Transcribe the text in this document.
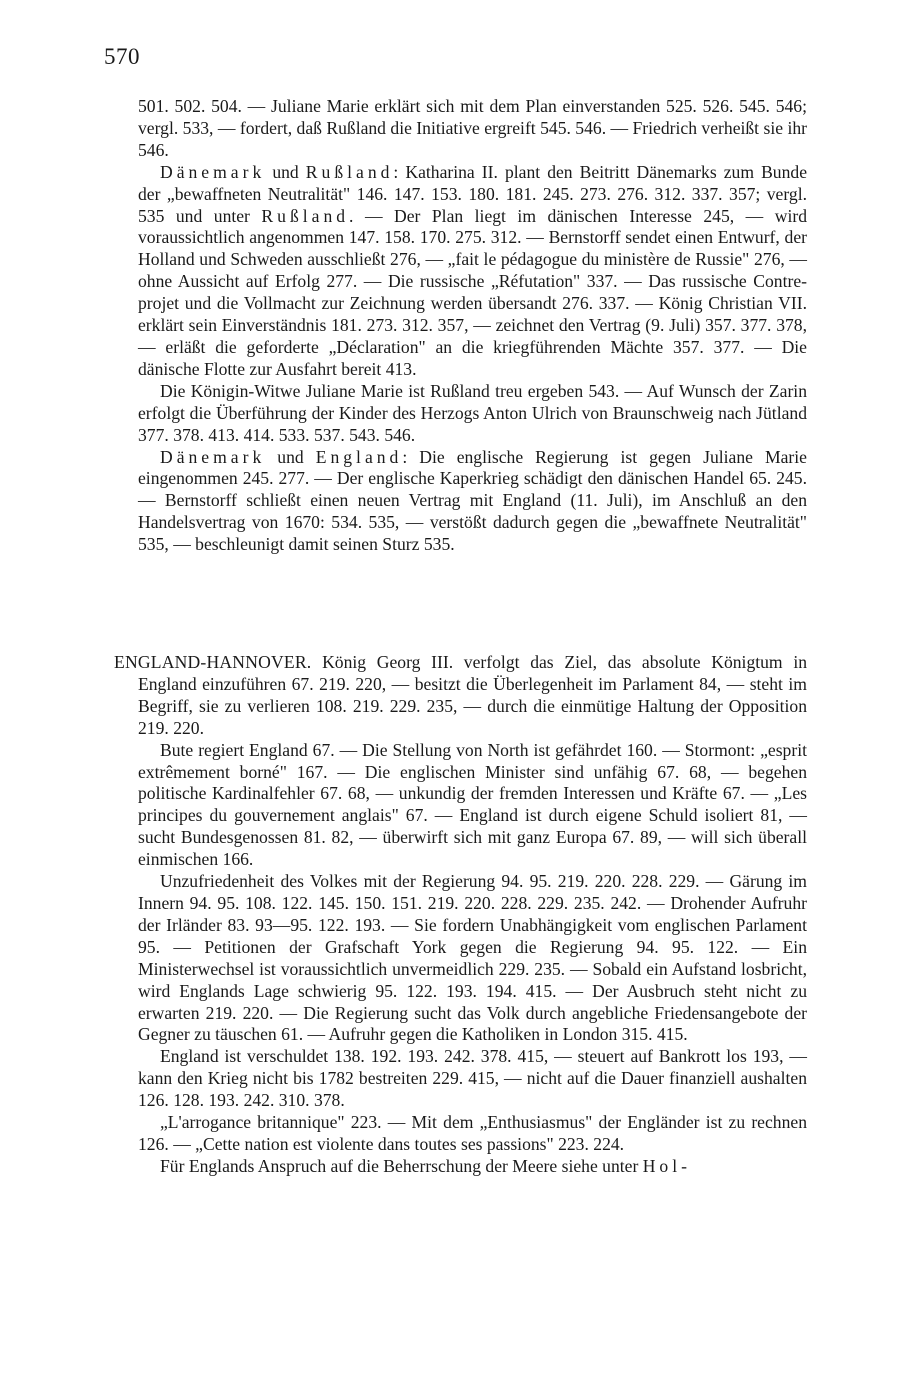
570

501. 502. 504. — Juliane Marie erklärt sich mit dem Plan einverstanden 525. 526. 545. 546; vergl. 533, — fordert, daß Rußland die Initiative ergreift 545. 546. — Friedrich verheißt sie ihr 546.

Dänemark und Rußland: Katharina II. plant den Beitritt Dänemarks zum Bunde der „bewaffneten Neutralität" 146. 147. 153. 180. 181. 245. 273. 276. 312. 337. 357; vergl. 535 und unter Rußland. — Der Plan liegt im dänischen Interesse 245, — wird voraussichtlich angenommen 147. 158. 170. 275. 312. — Bernstorff sendet einen Entwurf, der Holland und Schweden ausschließt 276, — „fait le pédagogue du ministère de Russie" 276, — ohne Aussicht auf Erfolg 277. — Die russische „Réfutation" 337. — Das russische Contre-projet und die Vollmacht zur Zeichnung werden übersandt 276. 337. — König Christian VII. erklärt sein Einverständnis 181. 273. 312. 357, — zeichnet den Vertrag (9. Juli) 357. 377. 378, — erläßt die geforderte „Déclaration" an die kriegführenden Mächte 357. 377. — Die dänische Flotte zur Ausfahrt bereit 413.

Die Königin-Witwe Juliane Marie ist Rußland treu ergeben 543. — Auf Wunsch der Zarin erfolgt die Überführung der Kinder des Herzogs Anton Ulrich von Braunschweig nach Jütland 377. 378. 413. 414. 533. 537. 543. 546.

Dänemark und England: Die englische Regierung ist gegen Juliane Marie eingenommen 245. 277. — Der englische Kaperkrieg schädigt den dänischen Handel 65. 245. — Bernstorff schließt einen neuen Vertrag mit England (11. Juli), im Anschluß an den Handelsvertrag von 1670: 534. 535, — verstößt dadurch gegen die „bewaffnete Neutralität" 535, — beschleunigt damit seinen Sturz 535.

ENGLAND-HANNOVER. König Georg III. verfolgt das Ziel, das absolute Königtum in England einzuführen 67. 219. 220, — besitzt die Überlegenheit im Parlament 84, — steht im Begriff, sie zu verlieren 108. 219. 229. 235, — durch die einmütige Haltung der Opposition 219. 220.

Bute regiert England 67. — Die Stellung von North ist gefährdet 160. — Stormont: „esprit extrêmement borné" 167. — Die englischen Minister sind unfähig 67. 68, — begehen politische Kardinalfehler 67. 68, — unkundig der fremden Interessen und Kräfte 67. — „Les principes du gouvernement anglais" 67. — England ist durch eigene Schuld isoliert 81, — sucht Bundesgenossen 81. 82, — überwirft sich mit ganz Europa 67. 89, — will sich überall einmischen 166.

Unzufriedenheit des Volkes mit der Regierung 94. 95. 219. 220. 228. 229. — Gärung im Innern 94. 95. 108. 122. 145. 150. 151. 219. 220. 228. 229. 235. 242. — Drohender Aufruhr der Irländer 83. 93—95. 122. 193. — Sie fordern Unabhängigkeit vom englischen Parlament 95. — Petitionen der Grafschaft York gegen die Regierung 94. 95. 122. — Ein Ministerwechsel ist voraussichtlich unvermeidlich 229. 235. — Sobald ein Aufstand losbricht, wird Englands Lage schwierig 95. 122. 193. 194. 415. — Der Ausbruch steht nicht zu erwarten 219. 220. — Die Regierung sucht das Volk durch angebliche Friedensangebote der Gegner zu täuschen 61. — Aufruhr gegen die Katholiken in London 315. 415.

England ist verschuldet 138. 192. 193. 242. 378. 415, — steuert auf Bankrott los 193, — kann den Krieg nicht bis 1782 bestreiten 229. 415, — nicht auf die Dauer finanziell aushalten 126. 128. 193. 242. 310. 378.

„L'arrogance britannique" 223. — Mit dem „Enthusiasmus" der Engländer ist zu rechnen 126. — „Cette nation est violente dans toutes ses passions" 223. 224.

Für Englands Anspruch auf die Beherrschung der Meere siehe unter Hol-
